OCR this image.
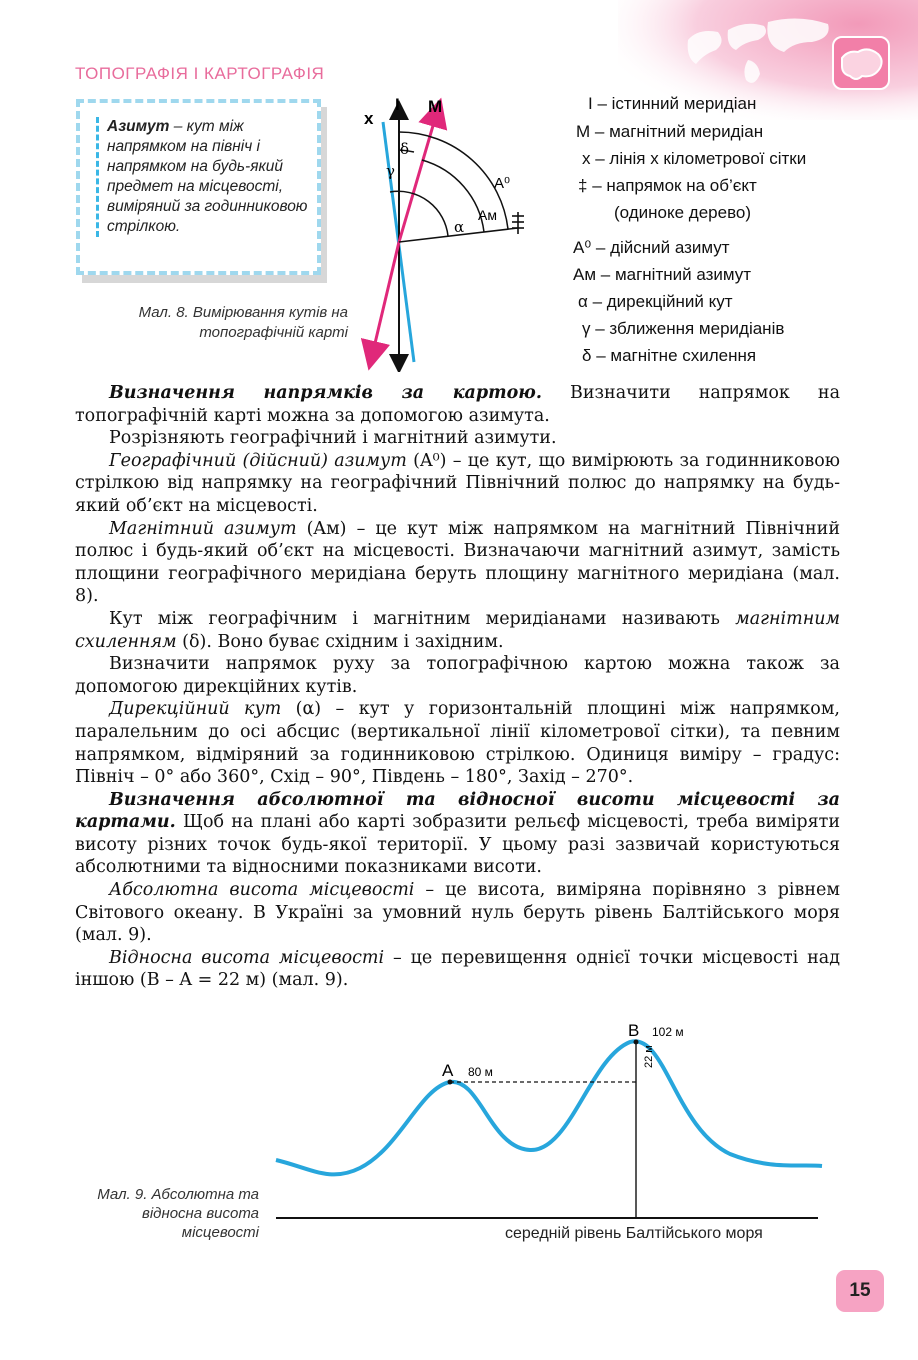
ТОПОГРАФІЯ І КАРТОГРАФІЯ
Азимут – кут між напрямком на північ і напрямком на будь-який предмет на місцевості, виміряний за годинниковою стрілкою.
x
I M
δ
γ
A⁰
Aм
α
Мал. 8. Вимірювання кутів на топографічній карті
I – істинний меридіан
М – магнітний меридіан
х – лінія х кілометрової сітки
‡ – напрямок на об’єкт
(одиноке дерево)
A⁰ – дійсний азимут
Aм – магнітний азимут
α – дирекційний кут
γ – зближення меридіанів
δ – магнітне схилення

Визначення напрямків за картою. Визначити напрямок на топографічній карті можна за допомогою азимута.

Розрізняють географічний і магнітний азимути.

Географічний (дійсний) азимут (A⁰) – це кут, що вимірюють за годинниковою стрілкою від напрямку на географічний Північний полюс до напрямку на будь-який об’єкт на місцевості.

Магнітний азимут (Aм) – це кут між напрямком на магнітний Північний полюс і будь-який об’єкт на місцевості. Визначаючи магнітний азимут, замість площини географічного меридіана беруть площину магнітного меридіана (мал. 8).

Кут між географічним і магнітним меридіанами називають магнітним схиленням (δ). Воно буває східним і західним.

Визначити напрямок руху за топографічною картою можна також за допомогою дирекційних кутів.

Дирекційний кут (α) – кут у горизонтальній площині між напрямком, паралельним до осі абсцис (вертикальної лінії кілометрової сітки), та певним напрямком, відміряний за годинниковою стрілкою. Одиниця виміру – градус: Північ – 0° або 360°, Схід – 90°, Південь – 180°, Захід – 270°.

Визначення абсолютної та відносної висоти місцевості за картами. Щоб на плані або карті зобразити рельєф місцевості, треба виміряти висоту різних точок будь-якої території. У цьому разі зазвичай користуються абсолютними та відносними показниками висоти.

Абсолютна висота місцевості – це висота, виміряна порівняно з рівнем Світового океану. В Україні за умовний нуль беруть рівень Балтійського моря (мал. 9).

Відносна висота місцевості – це перевищення однієї точки місцевості над іншою (B – A = 22 м) (мал. 9).

A 80 м
B 102 м
22 м
Мал. 9. Абсолютна та відносна висота місцевості	середній рівень Балтійського моря
15
